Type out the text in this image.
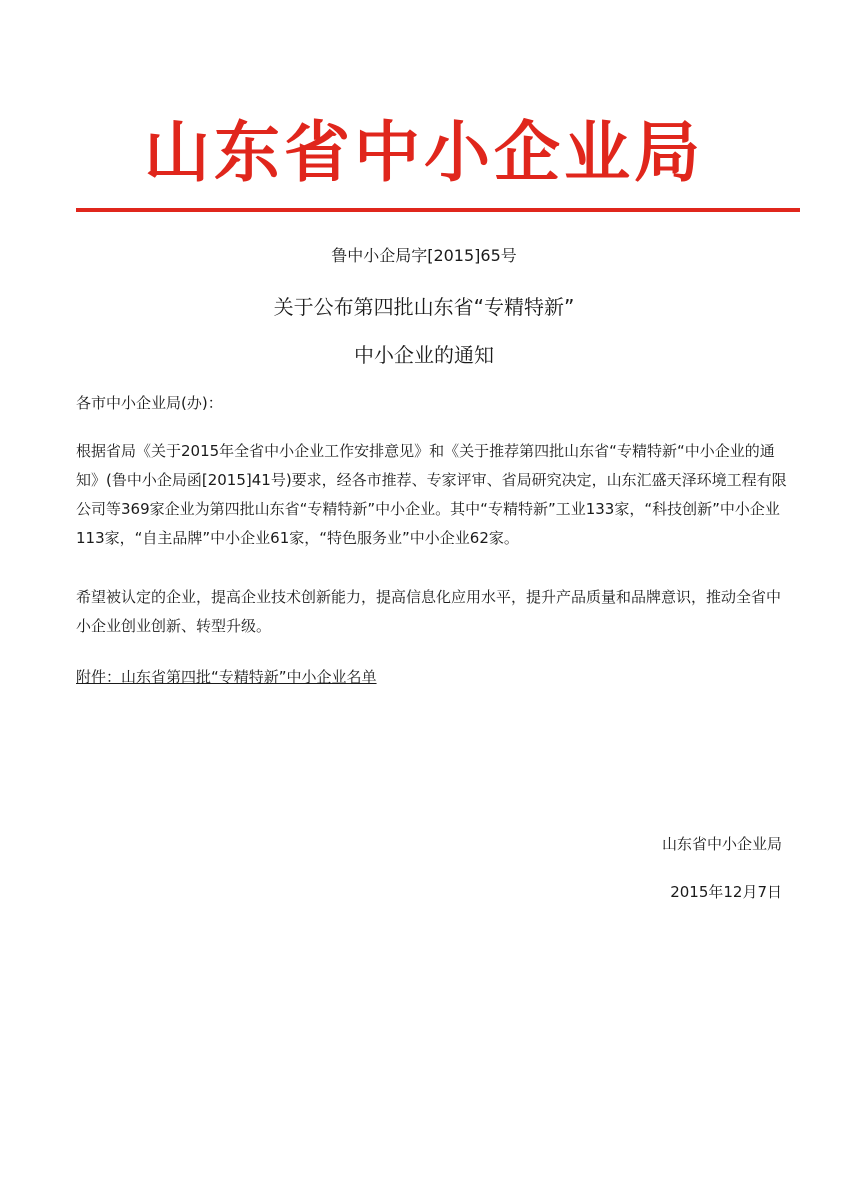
山东省中小企业局
鲁中小企局字[2015]65号
关于公布第四批山东省“专精特新”
中小企业的通知
各市中小企业局(办)：
根据省局《关于2015年全省中小企业工作安排意见》和《关于推荐第四批山东省“专精特新“中小企业的通知》(鲁中小企局函[2015]41号)要求，经各市推荐、专家评审、省局研究决定，山东汇盛天泽环境工程有限公司等369家企业为第四批山东省“专精特新”中小企业。其中“专精特新”工业133家，“科技创新”中小企业113家，“自主品牌”中小企业61家，“特色服务业”中小企业62家。
希望被认定的企业，提高企业技术创新能力，提高信息化应用水平，提升产品质量和品牌意识，推动全省中小企业创业创新、转型升级。
附件：山东省第四批“专精特新”中小企业名单
山东省中小企业局
2015年12月7日
